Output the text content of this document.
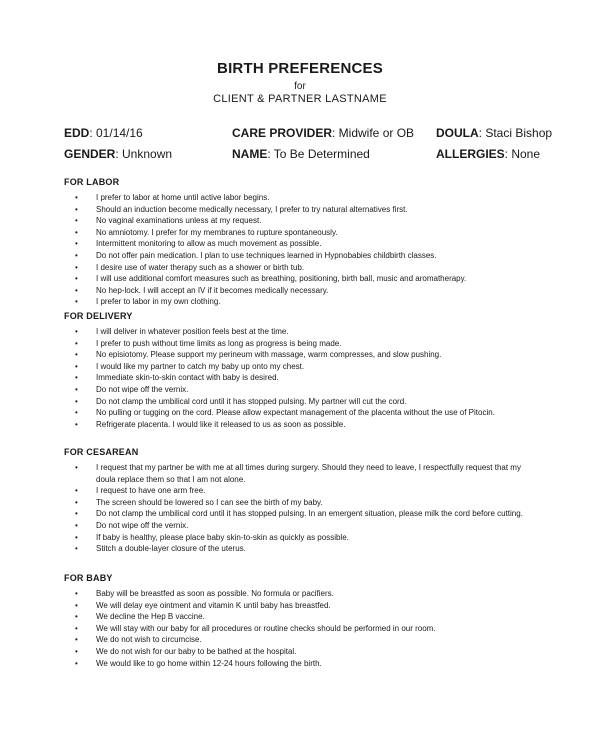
BIRTH PREFERENCES
for
CLIENT & PARTNER LASTNAME
EDD: 01/14/16	CARE PROVIDER: Midwife or OB DOULA: Staci Bishop
GENDER: Unknown	NAME: To Be Determined	ALLERGIES: None
FOR LABOR
• I prefer to labor at home until active labor begins.
• Should an induction become medically necessary, I prefer to try natural alternatives first.
• No vaginal examinations unless at my request.
• No amniotomy. I prefer for my membranes to rupture spontaneously.
• Intermittent monitoring to allow as much movement as possible.
• Do not offer pain medication. I plan to use techniques learned in Hypnobabies childbirth classes.
• I desire use of water therapy such as a shower or birth tub.
• I will use additional comfort measures such as breathing, positioning, birth ball, music and aromatherapy.
• No hep-lock. I will accept an IV if it becomes medically necessary.
• I prefer to labor in my own clothing.
FOR DELIVERY
• I will deliver in whatever position feels best at the time.
• I prefer to push without time limits as long as progress is being made.
• No episiotomy. Please support my perineum with massage, warm compresses, and slow pushing.
• I would like my partner to catch my baby up onto my chest.
• Immediate skin-to-skin contact with baby is desired.
• Do not wipe off the vernix.
• Do not clamp the umbilical cord until it has stopped pulsing. My partner will cut the cord.
• No pulling or tugging on the cord. Please allow expectant management of the placenta without the use of Pitocin.
• Refrigerate placenta. I would like it released to us as soon as possible.
FOR CESAREAN
• I request that my partner be with me at all times during surgery. Should they need to leave, I respectfully request that my doula replace them so that I am not alone.
• I request to have one arm free.
• The screen should be lowered so I can see the birth of my baby.
• Do not clamp the umbilical cord until it has stopped pulsing. In an emergent situation, please milk the cord before cutting.
• Do not wipe off the vernix.
• If baby is healthy, please place baby skin-to-skin as quickly as possible.
• Stitch a double-layer closure of the uterus.
FOR BABY
• Baby will be breastfed as soon as possible. No formula or pacifiers.
• We will delay eye ointment and vitamin K until baby has breastfed.
• We decline the Hep B vaccine.
• We will stay with our baby for all procedures or routine checks should be performed in our room.
• We do not wish to circumcise.
• We do not wish for our baby to be bathed at the hospital.
• We would like to go home within 12-24 hours following the birth.
